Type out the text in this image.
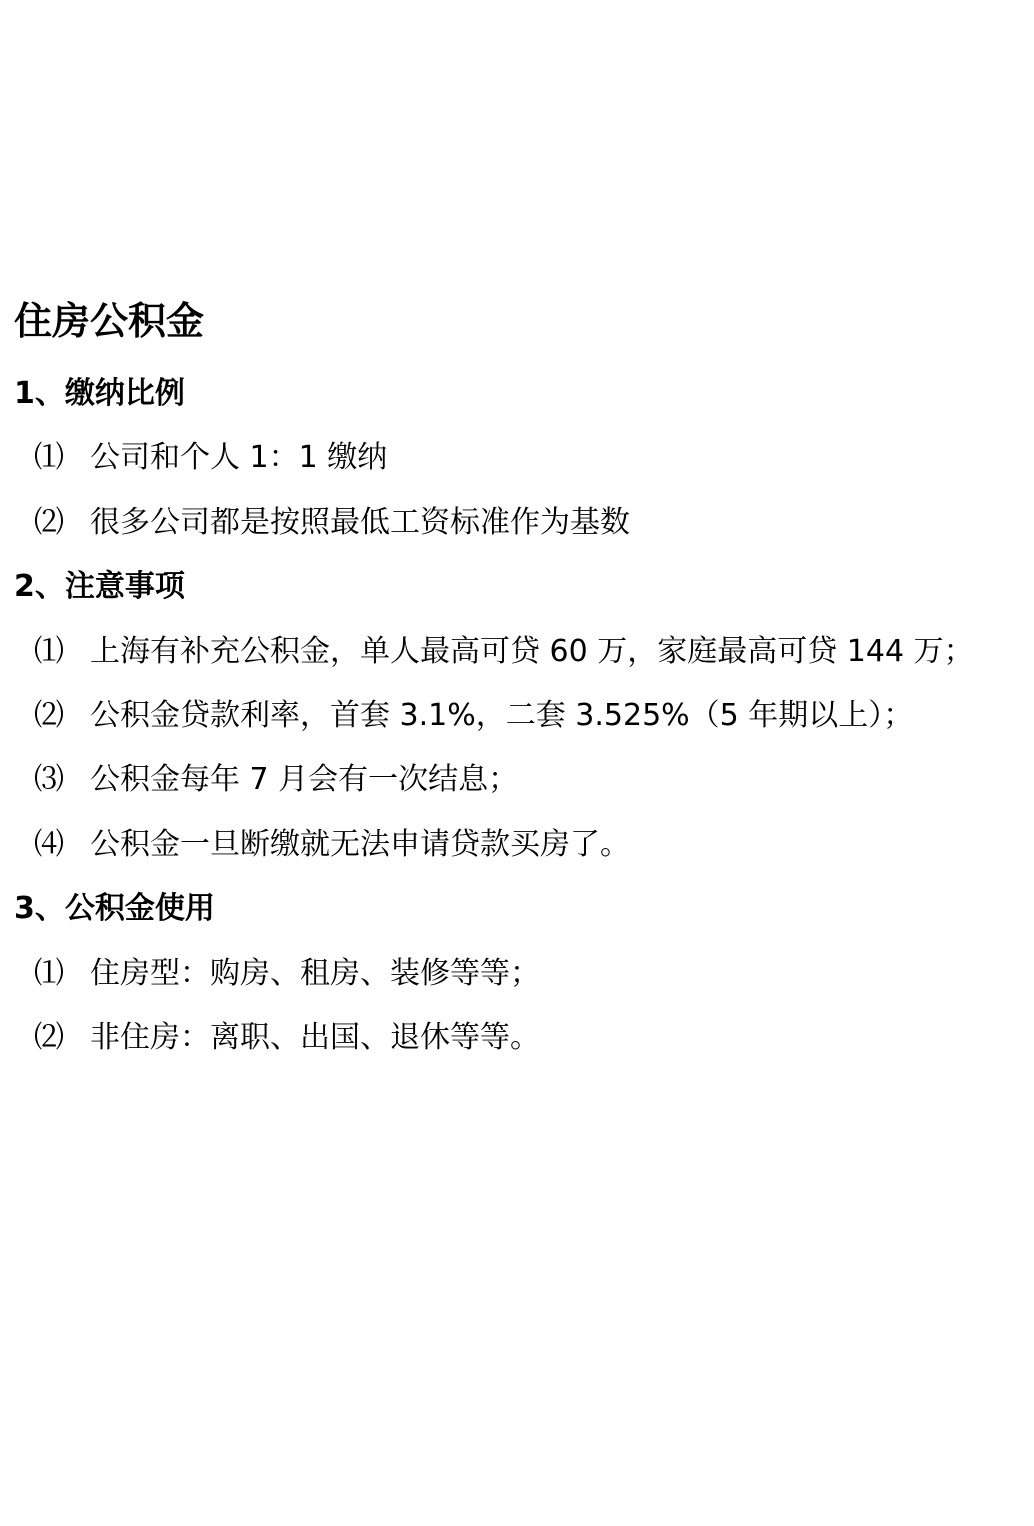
住房公积金
1、缴纳比例
⑴ 公司和个人 1：1 缴纳
⑵ 很多公司都是按照最低工资标准作为基数
2、注意事项
⑴ 上海有补充公积金，单人最高可贷 60 万，家庭最高可贷 144 万；
⑵ 公积金贷款利率，首套 3.1%，二套 3.525%（5 年期以上）；
⑶ 公积金每年 7 月会有一次结息；
⑷ 公积金一旦断缴就无法申请贷款买房了。
3、公积金使用
⑴ 住房型：购房、租房、装修等等；
⑵ 非住房：离职、出国、退休等等。
